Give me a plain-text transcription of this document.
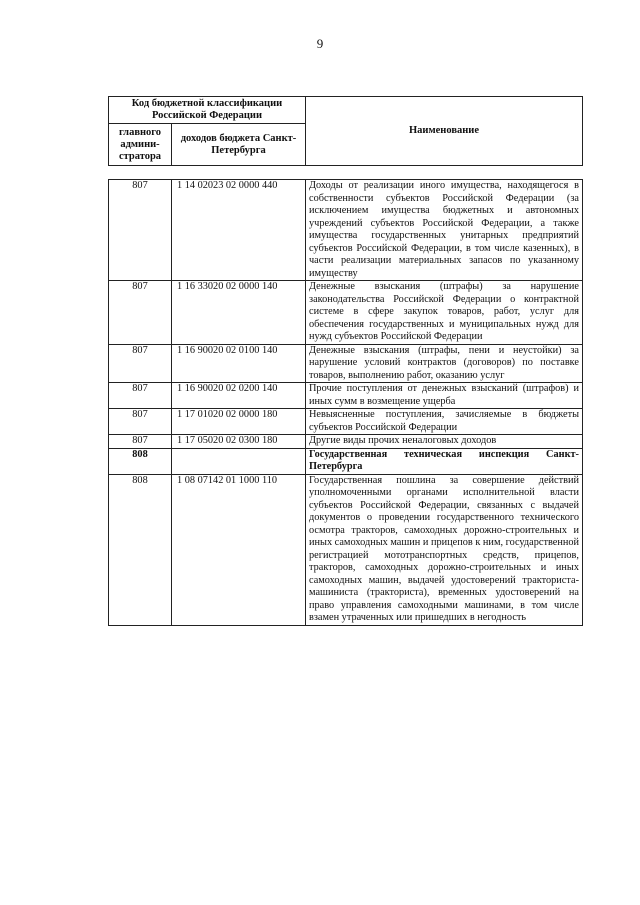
9
Код бюджетной классификации Российской Федерации		Наименование
главного админи-стратора	доходов бюджета Санкт-Петербурга	
807	1 14 02023 02 0000 440	Доходы от реализации иного имущества, находящегося в собственности субъектов Российской Федерации (за исключением имущества бюджетных и автономных учреждений субъектов Российской Федерации, а также имущества государственных унитарных предприятий субъектов Российской Федерации, в том числе казенных), в части реализации материальных запасов по указанному имуществу
807	1 16 33020 02 0000 140	Денежные взыскания (штрафы) за нарушение законодательства Российской Федерации о контрактной системе в сфере закупок товаров, работ, услуг для обеспечения государственных и муниципальных нужд для нужд субъектов Российской Федерации
807	1 16 90020 02 0100 140	Денежные взыскания (штрафы, пени и неустойки) за нарушение условий контрактов (договоров) по поставке товаров, выполнению работ, оказанию услуг
807	1 16 90020 02 0200 140	Прочие поступления от денежных взысканий (штрафов) и иных сумм в возмещение ущерба
807	1 17 01020 02 0000 180	Невыясненные поступления, зачисляемые в бюджеты субъектов Российской Федерации
807	1 17 05020 02 0300 180	Другие виды прочих неналоговых доходов
808		Государственная техническая инспекция Санкт-Петербурга
808	1 08 07142 01 1000 110	Государственная пошлина за совершение действий уполномоченными органами исполнительной власти субъектов Российской Федерации, связанных с выдачей документов о проведении государственного технического осмотра тракторов, самоходных дорожно-строительных и иных самоходных машин и прицепов к ним, государственной регистрацией мототранспортных средств, прицепов, тракторов, самоходных дорожно-строительных и иных самоходных машин, выдачей удостоверений тракториста-машиниста (тракториста), временных удостоверений на право управления самоходными машинами, в том числе взамен утраченных или пришедших в негодность
